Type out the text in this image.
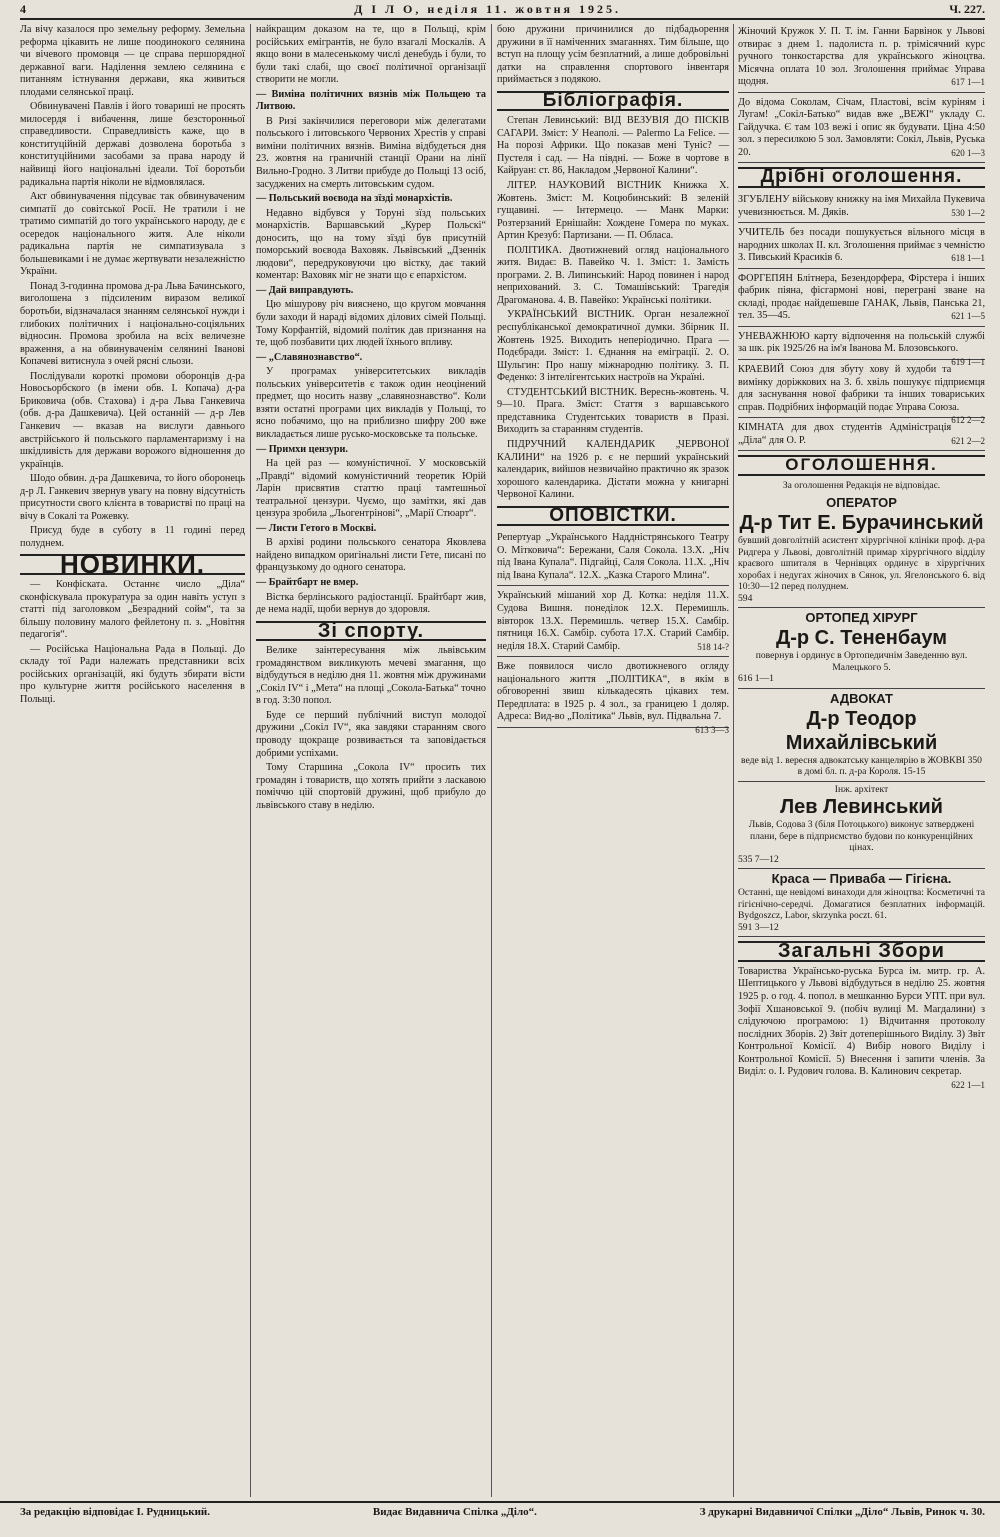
4	Д І Л О, неділя 11. жовтня 1925.	Ч. 227.

Ла вічу казалося про земельну реформу. Земельна реформа цікавить не лише поодинокого селянина чи вічевого промовця — це справа першорядної державної ваги. Наділення землею селянина є питанням істнування держави, яка живиться плодами селянської праці.

Обвинувачені Павлів і його товариші не просять милосердя і вибачення, лише безсторонньої справедливости. Справедливість каже, що в конституційній державі дозволена боротьба з конституційними засобами за права народу й найвищі його національні ідеали. Тої боротьби радикальна партія ніколи не відмовлялася.

Акт обвинувачення підсуває так обвинуваченим симпатії до совітської Росії. Не тратили і не тратимо симпатій до того українського народу, де є осередок національного житя. Але ніколи радикальна партія не симпатизувала з большевиками і не думає жертвувати незалежністю України.

Понад 3-годинна промова д-ра Льва Бачинського, виголошена з підсиленим виразом великої боротьби, відзначалася знанням селянської нужди і глибоких політичних і національно-соціяльних відносин. Промова зробила на всіх величезне враження, а на обвинуваченім селянині Іванові Копачеві витиснула з очей рясні сльози.

Послідували короткі промови оборонців д-ра Новосьорбского (в імени обв. І. Копача) д-ра Бриковича (обв. Стахова) і д-ра Льва Ганкевича (обв. д-ра Дашкевича). Цей останній — д-р Лев Ганкевич — вказав на вислуги давнього австрійського й польського парламентаризму і на шкідливість для держави ворожого відношення до українців.

Шодо обвин. д-ра Дашкевича, то його оборонець д-р Л. Ганкевич звернув увагу на повну відсутність присутности свого клієнта в товаристві по праці на вічу в Сокалі та Рожевку.

Присуд буде в суботу в 11 годині перед полуднем.

НОВИНКИ.

— Конфіската. Останнє число „Діла“ сконфіскувала прокуратура за один навіть уступ з статті під заголовком „Безрадний сойм“, та за більшу половину малого фейлетону п. з. „Новітня педагогія“.

— Російська Національна Рада в Польщі. До складу тої Ради належать представники всіх російських організацій, які будуть збирати вісти про культурне життя російського населення в Польщі.

найкращим доказом на те, що в Польщі, крім російських емігрантів, не було взагалі Москалів. А якщо вони в малесенькому числі денебудь і були, то були такі слабі, що своєї політичної організації створити не могли.

— Виміна політичних вязнів між Польщею та Литвою.

В Ризі закінчилися переговори між делегатами польського і литовського Червоних Хрестів у справі виміни політичних вязнів. Виміна відбудеться дня 23. жовтня на граничній станції Орани на лінії Вильно-Гродно. З Литви прибуде до Польщі 13 осіб, засуджених на смерть литовським судом.

— Польський воєвода на зїзді монархістів.

Недавно відбувся у Торуні зїзд польських монархістів. Варшавський „Курер Польскі“ доносить, що на тому зїзді був присутній поморський воєвода Ваховяк. Львівський „Дзеннік людови“, передруковуючи цю вістку, дає такий коментар: Ваховяк міг не знати що є епархістом.

— Дай виправдують.

Цю мішурову річ вияснено, що кругом мовчання були заходи й нараді відомих ділових сімей Польщі. Тому Корфантій, відомий політик дав признання на те, щоб позбавити цих людей їхнього впливу.

— „Славянознавство“.

У програмах університетських викладів польських університетів є також один неоцінений предмет, що носить назву „славянознавство“. Коли взяти остатні програми цих викладів у Польщі, то ясно побачимо, що на приблизно шифру 200 вже викладається лише русько-московське та польське.

— Примхи цензури.

На цей раз — комуністичної. У московській „Правді“ відомий комуністичний теоретик Юрій Ларін присвятив статтю праці тамтешньої театральної цензури. Чуємо, що замітки, які дав цензура зробила „Льогентрінові“, „Марії Стюарт“.

— Листи Гетого в Москві.

В архіві родини польського сенатора Яковлева найдено випадком оригінальні листи Гете, писані по французькому до одного сенатора.

— Брайтбарт не вмер.

Вістка берлінського радіостанції. Брайтбарт жив, де нема надії, щоби вернув до здоровля.

Зі спорту.

Велике заінтересування між львівським громадянством викликують мечеві змагання, що відбудуться в неділю дня 11. жовтня між дружинами „Сокіл IV“ і „Мета“ на площі „Сокола-Батька“ точно в год. 3:30 попол.

Буде се перший публічний виступ молодої дружини „Сокіл IV“, яка завдяки старанням свого проводу щокраще розвивається та заповідається добрими успіхами.

Тому Старшина „Сокола IV“ просить тих громадян і товариств, що хотять прийти з ласкавою поміччю цій спортовій дружині, щоб прибуло до львівського ставу в неділю.

бою дружини причинилися до підбадьорення дружини в її наміченних змаганнях. Тим більше, що вступ на площу усім безплатний, а лише добровільні датки на справлення спортового інвентаря приймається з подякою.

Бібліографія.

Степан Левинський: ВІД ВЕЗУВІЯ ДО ПІСКІВ САГАРИ. Зміст: У Неаполі. — Palermo La Felice. — На порозі Африки. Що показав мені Туніс? — Пустеля і сад. — На півдні. — Боже в чортове в Кайруан: ст. 86, Накладом „Червоної Калини“.

ЛІТЕР. НАУКОВИЙ ВІСТНИК Книжка Х. Жовтень. Зміст: М. Коцюбинський: В зеленій гущавині. — Інтермецо. — Манк Марки: Розтерзаний Ернішайн: Хождене Гомера по муках. Артин Крезуб: Партизани. — П. Обласа.

ПОЛІТИКА. Двотижневий огляд національного житя. Видає: В. Павейко Ч. 1. Зміст: 1. Замість програми. 2. В. Липинський: Народ повинен і народ неприхований. 3. С. Томашівський: Трагедія Драгоманова. 4. В. Павейко: Українські політики.

УКРАЇНСЬКИЙ ВІСТНИК. Орган незалежної республіканської демократичної думки. Збірник ІІ. Жовтень 1925. Виходить неперіодично. Прага — Подєбради. Зміст: 1. Єднання на еміграції. 2. О. Шульгин: Про нашу міжнародню політику. 3. П. Феденко: З інтелігентських настроїв на Україні.

СТУДЕНТСЬКИЙ ВІСТНИК. Вереснь-жовтень. Ч. 9—10. Прага. Зміст: Стаття з варшавського представника Студентських товариств в Празі. Виходить за старанням студентів.

ПІДРУЧНИЙ КАЛЕНДАРИК „ЧЕРВОНОЇ КАЛИНИ“ на 1926 р. є не перший український календарик, вийшов незвичайно практично як зразок хорошого календарика. Дістати можна у книгарні Червоної Калини.

ОПОВІСТКИ.

Репертуар „Українського Наддністрянського Театру О. Мітковича“: Бережани, Саля Сокола. 13.X. „Ніч під Івана Купала“. Підгайці, Саля Сокола. 11.X. „Ніч під Івана Купала“. 12.X. „Казка Старого Млина“.

Український мішаний хор Д. Котка: неділя 11.X. Судова Вишня. понеділок 12.X. Перемишль. вівторок 13.X. Перемишль. четвер 15.X. Самбір. пятниця 16.X. Самбір. субота 17.X. Старий Самбір. неділя 18.X. Старий Самбір.	518 14-?

Вже появилося число двотижневого огляду національного життя „ПОЛІТИКА“, в якім в обговоренні звиш кількадесять цікавих тем. Передплата: в 1925 р. 4 зол., за границею 1 доляр. Адреса: Вид-во „Політика“ Львів, вул. Підвальна 7.
613 3—3

Жіночий Кружок У. П. Т. ім. Ганни Барвінок у Львові отвирає з днем 1. падолиста п. р. трімісячний курс ручного тонкостарства для українського жіноцтва. Місячна оплата 10 зол. Зголошення приймає Управа щодня.	617 1—1

До відома Соколам, Січам, Пластові, всім куріням і Лугам! „Сокіл-Батько“ видав вже „ВЕЖІ“ укладу С. Гайдучка. Є там 103 вежі і опис як будувати. Ціна 4:50 зол. з пересилкою 5 зол. Замовляти: Сокіл, Львів, Руська 20.	620 1—3

Дрібні оголошення.

ЗГУБЛЕНУ військову книжку на імя Михайла Пукевича учевизнюється. М. Дяків.	530 1—2

УЧИТЕЛЬ без посади пошукується вільного місця в народних школах ІІ. кл. Зголошення приймає з чемністю З. Пивський Красиків 6.	618 1—1

ФОРГЕПЯН Блітнера, Безендорфера, Фірстера і інших фабрик піяна, фісгармоні нові, переграні зване на складі, продає найдешевше ГАНАК, Львів, Панська 21, тел. 35—45.	621 1—5

УНЕВАЖНЮЮ карту відпочення на польській службі за шк. рік 1925/26 на ім'я Іванова М. Блозовського.
619 1—1

КРАЕВИЙ Союз для збуту хову й худоби та вимінку доріжкових на 3. б. хвіль пошукує підприємця для заснування нової фабрики та інших товариських справ. Подрібних інформацій подає Управа Союза.
612 2—2

КІМНАТА для двох студентів Адміністрація „Діла“ для О. Р.	621 2—2

ОГОЛОШЕННЯ.

За оголошення Редакція не відповідає.

ОПЕРАТОР
Д-р Тит Е. Бурачинський
бувший довголітній асистент хірургічної клініки проф. д-ра Ридгера у Львові, довголітній примар хірургічного відділу краєвого шпиталя в Чернівцях ординує в хірургічних хоробах і недугах жіночих в Сянок, ул. Ягелонського 6. від 10:30—12 перед полуднем.
594
ОРТОПЕД ХІРУРГ
Д-р С. Тененбаум
повернув і ординує в Ортопедичнім Заведенню вул. Малецького 5.
616 1—1
АДВОКАТ
Д-р Теодор Михайлівський
веде від 1. вересня адвокатську канцелярію в ЖОВКВІ 350 в домі бл. п. д-ра Короля. 15-15
Інж. архітект
Лев Левинський
Львів, Содова 3 (біля Потоцького) виконує затверджені плани, бере в підприємство будови по конкуренційних цінах.
535 7—12
Краса — Приваба — Гігієна.
Останні, ще невідомі винаходи для жіноцтва: Косметичні та гігієнічно-середчі. Домагатися безплатних інформацій. Bydgoszcz, Labor, skrzynka poczt. 61.
591 3—12
Загальні Збори

Товариства Українсько-руська Бурса ім. митр. гр. А. Шептицького у Львові відбудуться в неділю 25. жовтня 1925 р. о год. 4. попол. в мешканню Бурси УПТ. при вул. Зофії Хшановської 9. (побіч вулиці М. Магдалини) з слідуючою програмою: 1) Відчитання протоколу послідних Зборів. 2) Звіт дотеперішнього Виділу. 3) Звіт Контрольної Комісії. 4) Вибір нового Виділу і Контрольної Комісії. 5) Внесення і запити членів. За Виділ: о. І. Рудович голова. В. Калинович секретар.
622 1—1

За редакцію відповідає І. Рудницький.	Видає Видавнича Спілка „Діло“.	З друкарні Видавничої Спілки „Діло“ Львів, Ринок ч. 30.
